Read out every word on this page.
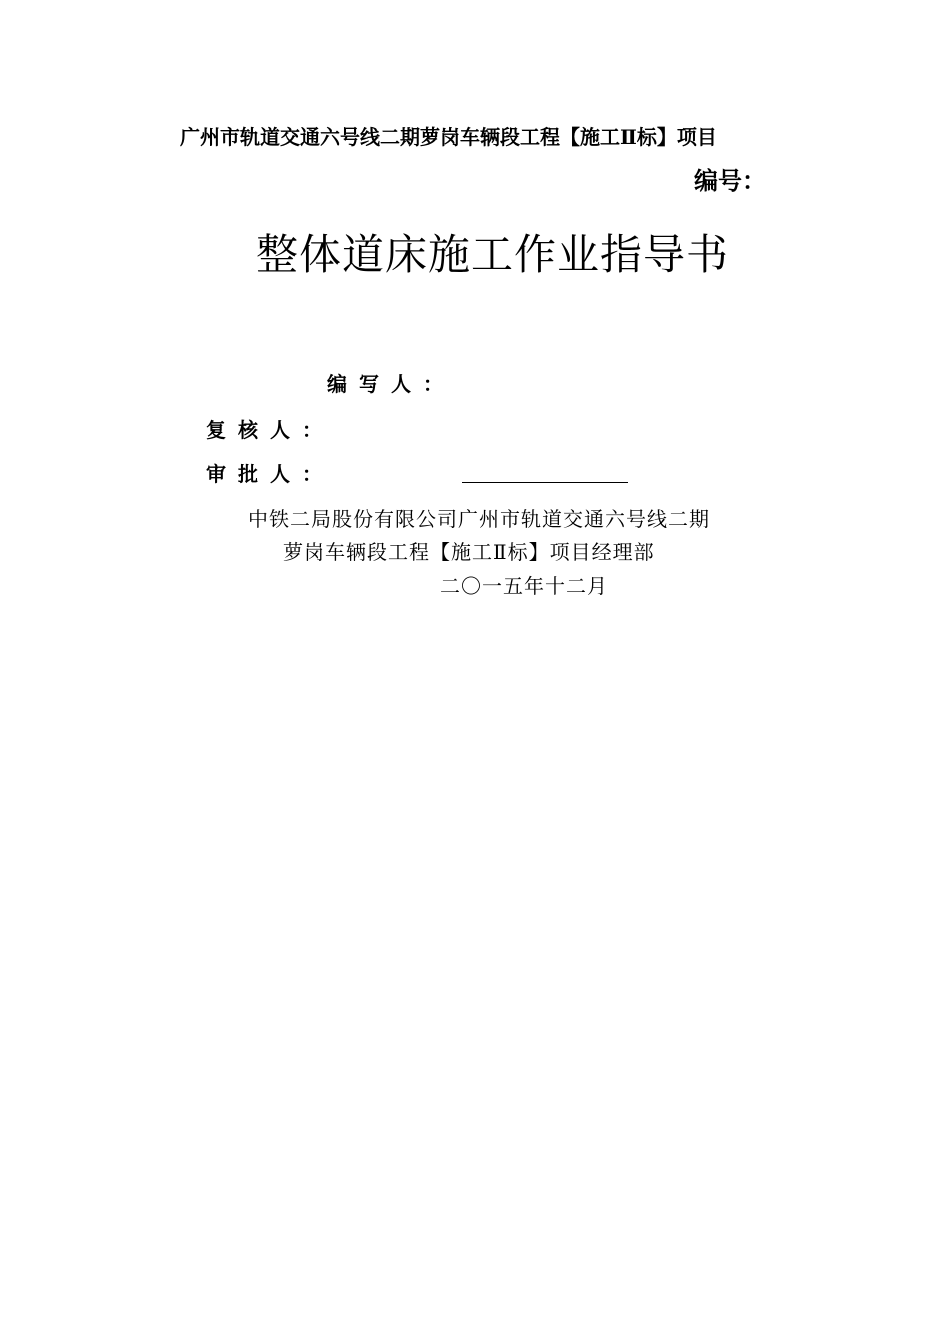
广州市轨道交通六号线二期萝岗车辆段工程【施工Ⅱ标】项目
编号：
整体道床施工作业指导书
编写人：
复核人：
审批人：
中铁二局股份有限公司广州市轨道交通六号线二期
萝岗车辆段工程【施工Ⅱ标】项目经理部
二〇一五年十二月
